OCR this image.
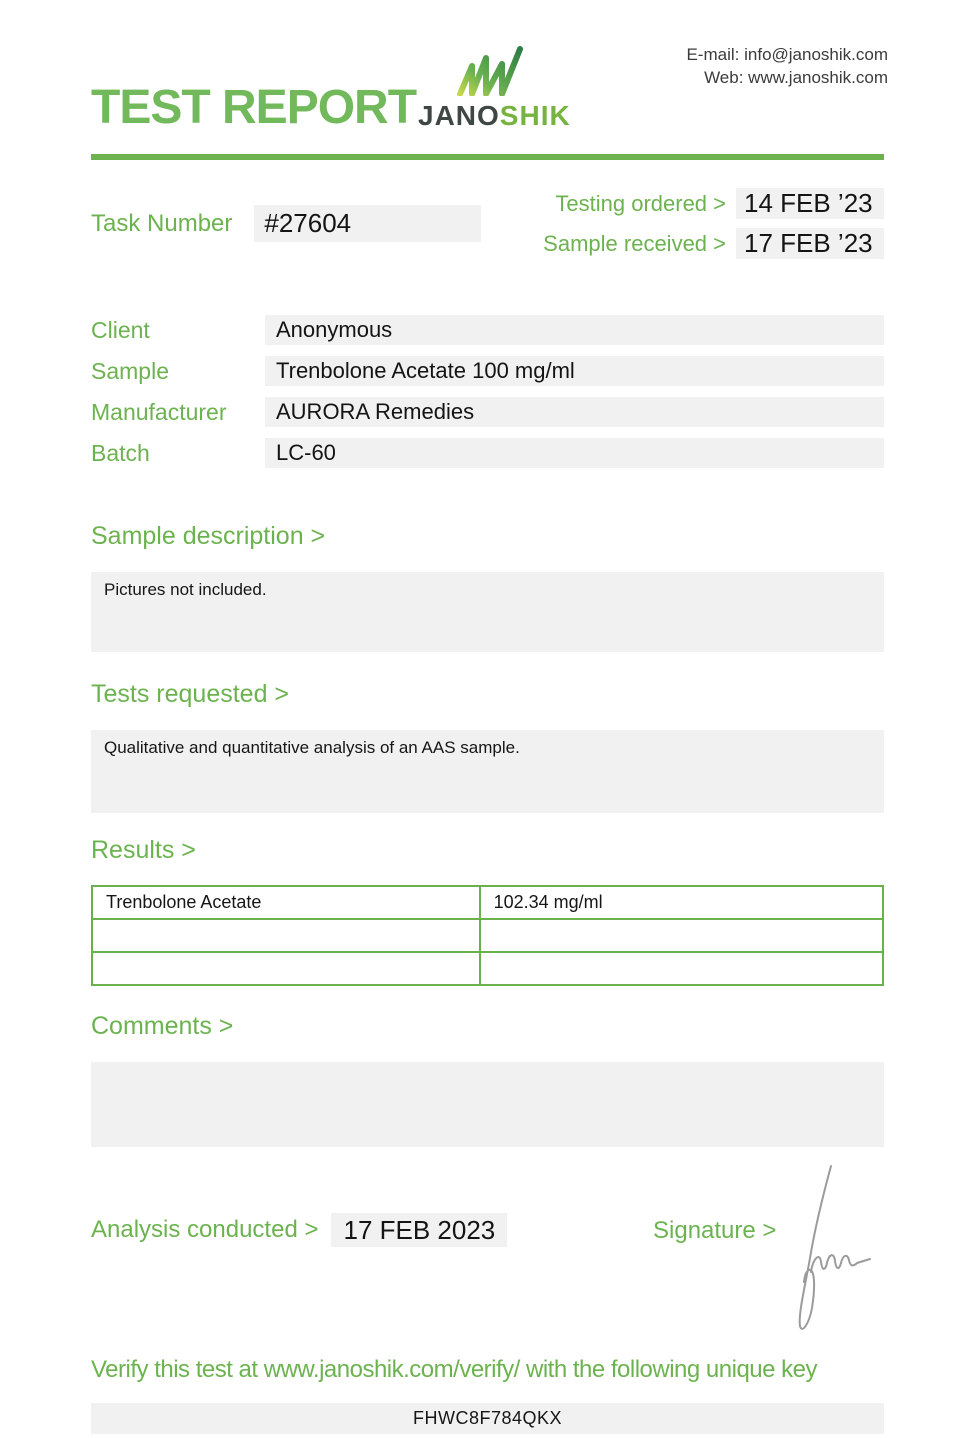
TEST REPORT JANOSHIK
E-mail: info@janoshik.com
Web: www.janoshik.com
Task Number	#27604
Testing ordered > 14 FEB ’23
Sample received > 17 FEB ’23
Client	Anonymous
Sample	Trenbolone Acetate 100 mg/ml
Manufacturer	AURORA Remedies
Batch	LC-60
Sample description >
Pictures not included.
Tests requested >
Qualitative and quantitative analysis of an AAS sample.
Results >
Trenbolone Acetate	102.34 mg/ml

Comments >
Analysis conducted > 17 FEB 2023	Signature >
Verify this test at www.janoshik.com/verify/ with the following unique key
FHWC8F784QKX
